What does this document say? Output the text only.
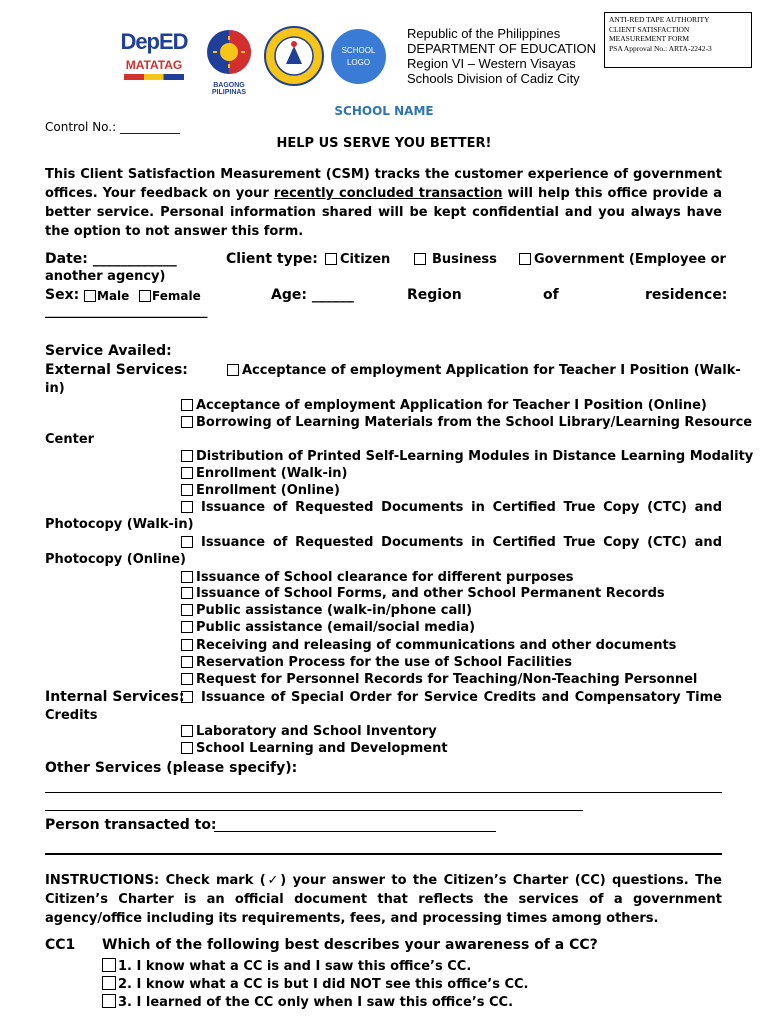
DepED
MATATAG
BAGONG PILIPINAS
SCHOOL
LOGO
Republic of the Philippines
DEPARTMENT OF EDUCATION
Region VI – Western Visayas
Schools Division of Cadiz City
ANTI-RED TAPE AUTHORITY
CLIENT SATISFACTION
MEASUREMENT FORM
PSA Approval No.: ARTA-2242-3
SCHOOL NAME
Control No.: __________
HELP US SERVE YOU BETTER!
This Client Satisfaction Measurement (CSM) tracks the customer experience of government offices. Your feedback on your recently concluded transaction will help this office provide a better service. Personal information shared will be kept confidential and you always have the option to not answer this form.
Date: ____________	Client type:	Citizen	Business	Government (Employee or
another agency)
Sex:	Male	Female	Age: ______	Region	of	residence:
_________________________
Service Availed:
External Services:	Acceptance of employment Application for Teacher I Position (Walk-
in)
Acceptance of employment Application for Teacher I Position (Online)
Borrowing of Learning Materials from the School Library/Learning Resource
Center
Distribution of Printed Self-Learning Modules in Distance Learning Modality
Enrollment (Walk-in)
Enrollment (Online)
Issuance of Requested Documents in Certified True Copy (CTC) and
Photocopy (Walk-in)
Issuance of Requested Documents in Certified True Copy (CTC) and
Photocopy (Online)
Issuance of School clearance for different purposes
Issuance of School Forms, and other School Permanent Records
Public assistance (walk-in/phone call)
Public assistance (email/social media)
Receiving and releasing of communications and other documents
Reservation Process for the use of School Facilities
Request for Personnel Records for Teaching/Non-Teaching Personnel
Internal Services:	Issuance of Special Order for Service Credits and Compensatory Time
Credits
Laboratory and School Inventory
School Learning and Development
Other Services (please specify):
Person transacted to:
INSTRUCTIONS: Check mark (✓) your answer to the Citizen’s Charter (CC) questions. The Citizen’s Charter is an official document that reflects the services of a government agency/office including its requirements, fees, and processing times among others.
CC1 Which of the following best describes your awareness of a CC?
1. I know what a CC is and I saw this office’s CC.
2. I know what a CC is but I did NOT see this office’s CC.
3. I learned of the CC only when I saw this office’s CC.
